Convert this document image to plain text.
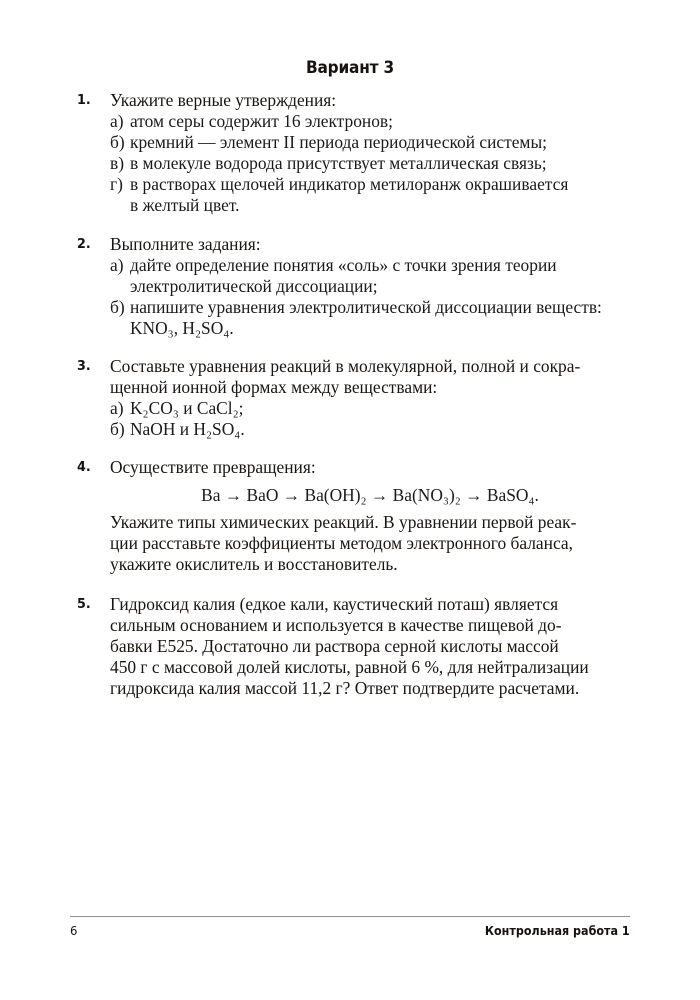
Вариант 3
1. Укажите верные утверждения:
а) атом серы содержит 16 электронов;
б) кремний — элемент II периода периодической системы;
в) в молекуле водорода присутствует металлическая связь;
г) в растворах щелочей индикатор метилоранж окрашивается
в желтый цвет.
2. Выполните задания:
а) дайте определение понятия «соль» с точки зрения теории
электролитической диссоциации;
б) напишите уравнения электролитической диссоциации веществ:
KNO₃, H₂SO₄.
3. Составьте уравнения реакций в молекулярной, полной и сокра-
щенной ионной формах между веществами:
а) K₂CO₃ и CaCl₂;
б) NaOH и H₂SO₄.
4. Осуществите превращения:
Ba → BaO → Ba(OH)₂ → Ba(NO₃)₂ → BaSO₄.
Укажите типы химических реакций. В уравнении первой реак-
ции расставьте коэффициенты методом электронного баланса,
укажите окислитель и восстановитель.
5. Гидроксид калия (едкое кали, каустический поташ) является
сильным основанием и используется в качестве пищевой до-
бавки E525. Достаточно ли раствора серной кислоты массой
450 г с массовой долей кислоты, равной 6 %, для нейтрализации
гидроксида калия массой 11,2 г? Ответ подтвердите расчетами.
6	Контрольная работа 1
